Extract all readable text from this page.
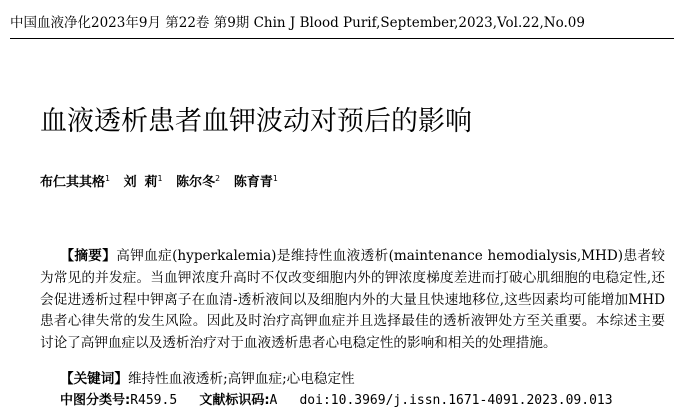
中国血液净化2023年9月 第22卷 第9期 Chin J Blood Purif,September,2023,Vol.22,No.09
血液透析患者血钾波动对预后的影响
布仁其其格$^1$ 刘 莉$^1$ 陈尔冬$^2$ 陈育青$^1$
【摘要】高钾血症(hyperkalemia)是维持性血液透析(maintenance hemodialysis,MHD)患者较为常见的并发症。当血钾浓度升高时不仅改变细胞内外的钾浓度梯度差进而打破心肌细胞的电稳定性,还会促进透析过程中钾离子在血清-透析液间以及细胞内外的大量且快速地移位,这些因素均可能增加MHD患者心律失常的发生风险。因此及时治疗高钾血症并且选择最佳的透析液钾处方至关重要。本综述主要讨论了高钾血症以及透析治疗对于血液透析患者心电稳定性的影响和相关的处理措施。
【关键词】维持性血液透析;高钾血症;心电稳定性
中图分类号:R459.5 文献标识码:A doi:10.3969/j.issn.1671-4091.2023.09.013
